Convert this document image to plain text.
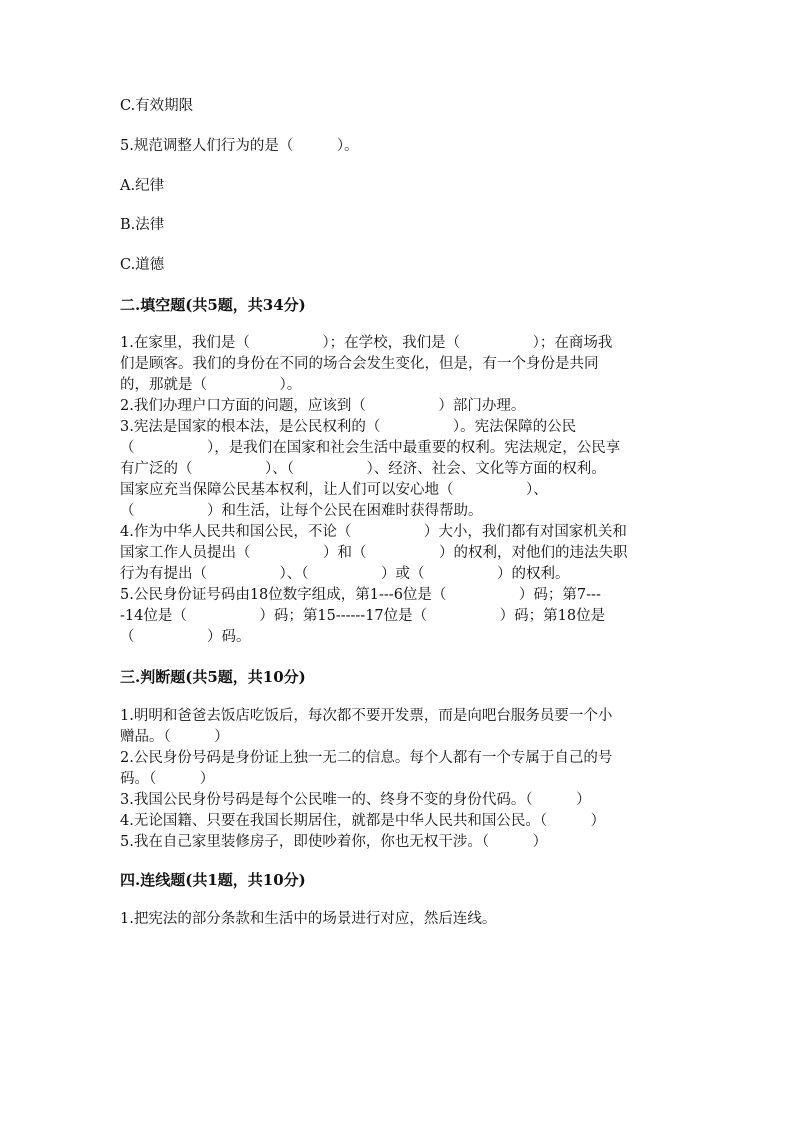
C.有效期限
5.规范调整人们行为的是（　　　）。
A.纪律
B.法律
C.道德
二.填空题(共5题，共34分)
1.在家里，我们是（　　　　　）；在学校，我们是（　　　　　）；在商场我
们是顾客。我们的身份在不同的场合会发生变化，但是，有一个身份是共同
的，那就是（　　　　　）。
2.我们办理户口方面的问题，应该到（　　　　　）部门办理。
3.宪法是国家的根本法，是公民权利的（　　　　　）。宪法保障的公民
（　　　　　），是我们在国家和社会生活中最重要的权利。宪法规定，公民享
有广泛的（　　　　　）、（　　　　　）、经济、社会、文化等方面的权利。
国家应充当保障公民基本权利，让人们可以安心地（　　　　　）、
（　　　　　）和生活，让每个公民在困难时获得帮助。
4.作为中华人民共和国公民，不论（　　　　　）大小，我们都有对国家机关和
国家工作人员提出（　　　　　）和（　　　　　）的权利，对他们的违法失职
行为有提出（　　　　　）、（　　　　　）或（　　　　　）的权利。
5.公民身份证号码由18位数字组成，第1---6位是（　　　　　）码；第7---
-14位是（　　　　　）码；第15------17位是（　　　　　）码；第18位是
（　　　　　）码。
三.判断题(共5题，共10分)
1.明明和爸爸去饭店吃饭后，每次都不要开发票，而是向吧台服务员要一个小
赠品。（　　　）
2.公民身份号码是身份证上独一无二的信息。每个人都有一个专属于自己的号
码。（　　　）
3.我国公民身份号码是每个公民唯一的、终身不变的身份代码。（　　　）
4.无论国籍、只要在我国长期居住，就都是中华人民共和国公民。（　　　）
5.我在自己家里装修房子，即使吵着你，你也无权干涉。（　　　）
四.连线题(共1题，共10分)
1.把宪法的部分条款和生活中的场景进行对应，然后连线。
